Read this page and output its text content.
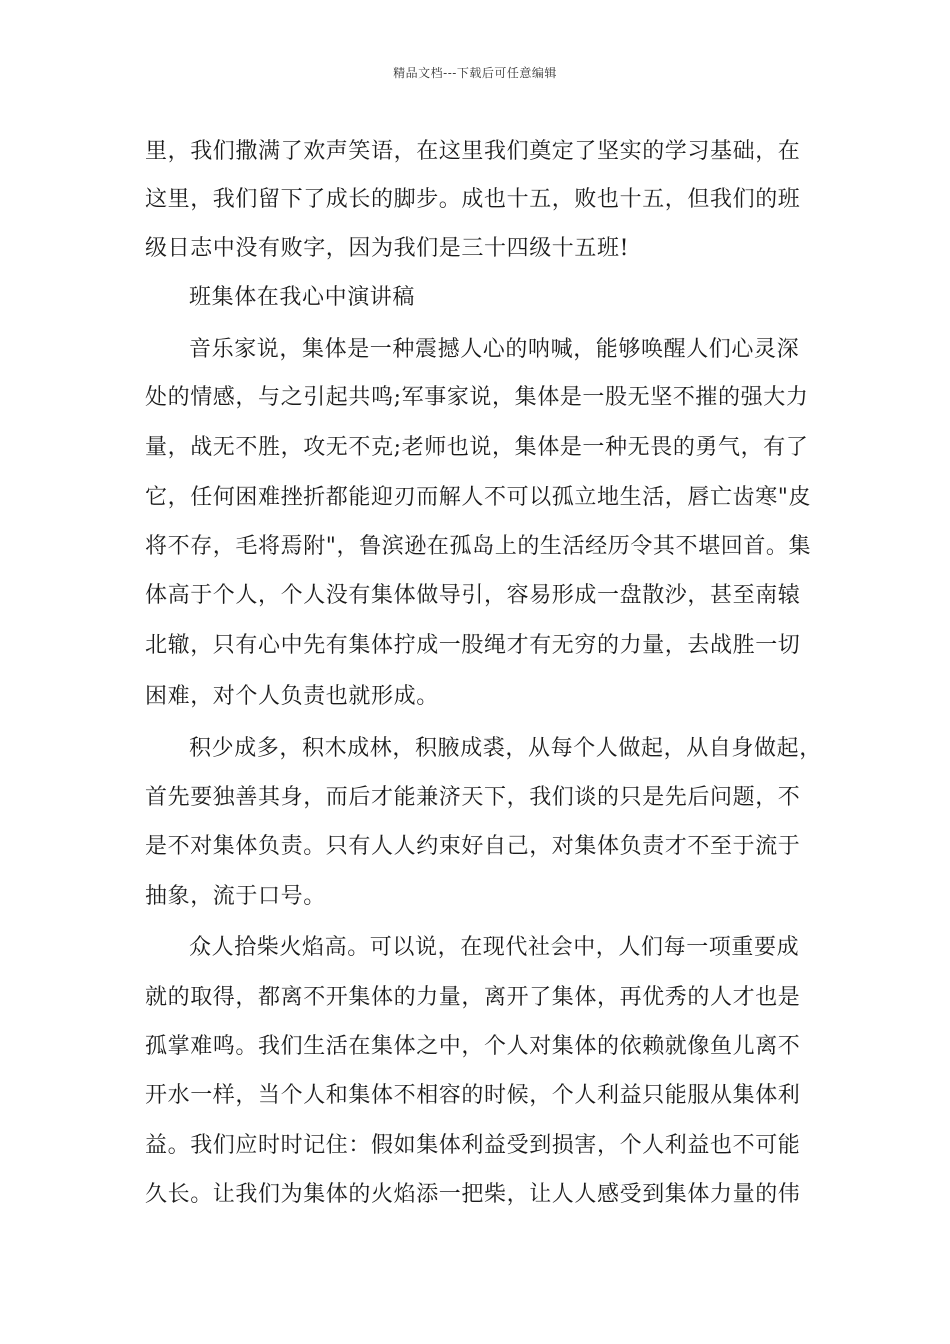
精品文档---下载后可任意编辑
里，我们撒满了欢声笑语，在这里我们奠定了坚实的学习基础，在
这里，我们留下了成长的脚步。成也十五，败也十五，但我们的班
级日志中没有败字，因为我们是三十四级十五班!
班集体在我心中演讲稿
音乐家说，集体是一种震撼人心的呐喊，能够唤醒人们心灵深
处的情感，与之引起共鸣;军事家说，集体是一股无坚不摧的强大力
量，战无不胜，攻无不克;老师也说，集体是一种无畏的勇气，有了
它，任何困难挫折都能迎刃而解人不可以孤立地生活，唇亡齿寒"皮
将不存，毛将焉附"，鲁滨逊在孤岛上的生活经历令其不堪回首。集
体高于个人，个人没有集体做导引，容易形成一盘散沙，甚至南辕
北辙，只有心中先有集体拧成一股绳才有无穷的力量，去战胜一切
困难，对个人负责也就形成。
积少成多，积木成林，积腋成裘，从每个人做起，从自身做起，
首先要独善其身，而后才能兼济天下，我们谈的只是先后问题，不
是不对集体负责。只有人人约束好自己，对集体负责才不至于流于
抽象，流于口号。
众人拾柴火焰高。可以说，在现代社会中，人们每一项重要成
就的取得，都离不开集体的力量，离开了集体，再优秀的人才也是
孤掌难鸣。我们生活在集体之中，个人对集体的依赖就像鱼儿离不
开水一样，当个人和集体不相容的时候，个人利益只能服从集体利
益。我们应时时记住：假如集体利益受到损害，个人利益也不可能
久长。让我们为集体的火焰添一把柴，让人人感受到集体力量的伟
